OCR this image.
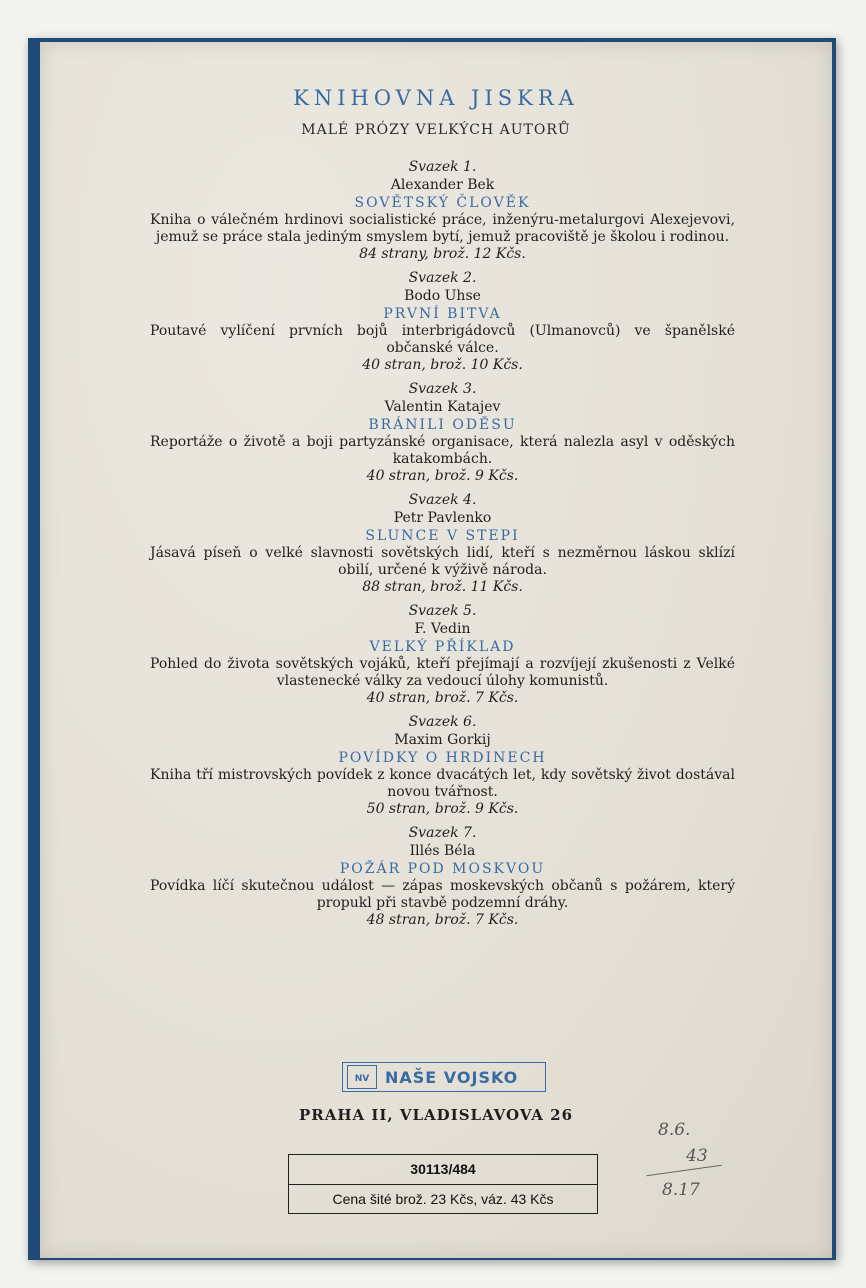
KNIHOVNA JISKRA
MALÉ PRÓZY VELKÝCH AUTORŮ
Svazek 1.
Alexander Bek
SOVĚTSKÝ ČLOVĚK
Kniha o válečném hrdinovi socialistické práce, inženýru-metalurgovi Alexejevovi, jemuž se práce stala jediným smyslem bytí, jemuž pracoviště je školou i rodinou.
84 strany, brož. 12 Kčs.
Svazek 2.
Bodo Uhse
PRVNÍ BITVA
Poutavé vylíčení prvních bojů interbrigádovců (Ulmanovců) ve španělské občanské válce.
40 stran, brož. 10 Kčs.
Svazek 3.
Valentin Katajev
BRÁNILI ODĚSU
Reportáže o životě a boji partyzánské organisace, která nalezla asyl v oděských katakombách.
40 stran, brož. 9 Kčs.
Svazek 4.
Petr Pavlenko
SLUNCE V STEPI
Jásavá píseň o velké slavnosti sovětských lidí, kteří s nezměrnou láskou sklízí obilí, určené k výživě národa.
88 stran, brož. 11 Kčs.
Svazek 5.
F. Vedin
VELKÝ PŘÍKLAD
Pohled do života sovětských vojáků, kteří přejímají a rozvíjejí zkušenosti z Velké vlastenecké války za vedoucí úlohy komunistů.
40 stran, brož. 7 Kčs.
Svazek 6.
Maxim Gorkij
POVÍDKY O HRDINECH
Kniha tří mistrovských povídek z konce dvacátých let, kdy sovětský život dostával novou tvářnost.
50 stran, brož. 9 Kčs.
Svazek 7.
Illés Béla
POŽÁR POD MOSKVOU
Povídka líčí skutečnou událost — zápas moskevských občanů s požárem, který propukl při stavbě podzemní dráhy.
48 stran, brož. 7 Kčs.
NV NAŠE VOJSKO
PRAHA II, VLADISLAVOVA 26
30113/484
Cena šité brož. 23 Kčs, váz. 43 Kčs
8.6.
43
8.17
